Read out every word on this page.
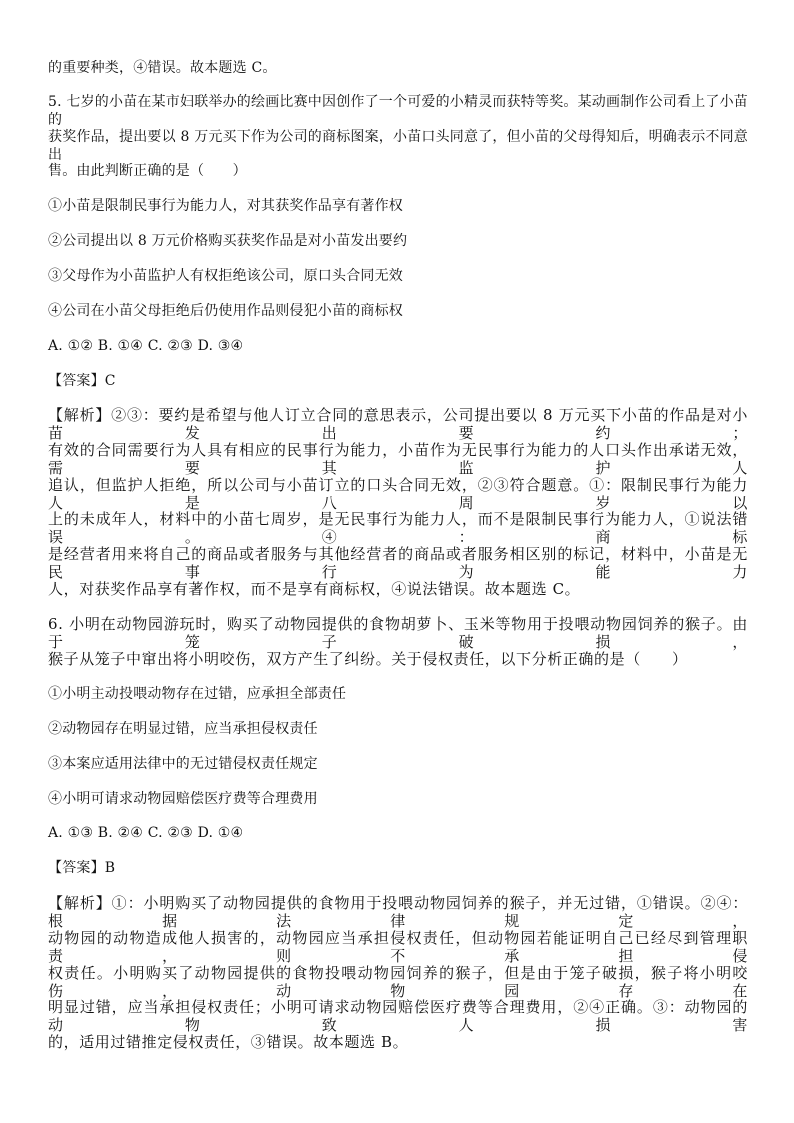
的重要种类，④错误。故本题选 C。
5. 七岁的小苗在某市妇联举办的绘画比赛中因创作了一个可爱的小精灵而获特等奖。某动画制作公司看上了小苗的
获奖作品，提出要以 8 万元买下作为公司的商标图案，小苗口头同意了，但小苗的父母得知后，明确表示不同意出
售。由此判断正确的是（　　）
①小苗是限制民事行为能力人，对其获奖作品享有著作权
②公司提出以 8 万元价格购买获奖作品是对小苗发出要约
③父母作为小苗监护人有权拒绝该公司，原口头合同无效
④公司在小苗父母拒绝后仍使用作品则侵犯小苗的商标权
A. ①② B. ①④ C. ②③ D. ③④
【答案】C
【解析】②③：要约是希望与他人订立合同的意思表示，公司提出要以 8 万元买下小苗的作品是对小苗发出要约；
有效的合同需要行为人具有相应的民事行为能力，小苗作为无民事行为能力的人口头作出承诺无效，需要其监护人
追认，但监护人拒绝，所以公司与小苗订立的口头合同无效，②③符合题意。①：限制民事行为能力人是八周岁以
上的未成年人，材料中的小苗七周岁，是无民事行为能力人，而不是限制民事行为能力人，①说法错误。④：商标
是经营者用来将自己的商品或者服务与其他经营者的商品或者服务相区别的标记，材料中，小苗是无民事行为能力
人，对获奖作品享有著作权，而不是享有商标权，④说法错误。故本题选 C。
6. 小明在动物园游玩时，购买了动物园提供的食物胡萝卜、玉米等物用于投喂动物园饲养的猴子。由于笼子破损，
猴子从笼子中窜出将小明咬伤，双方产生了纠纷。关于侵权责任，以下分析正确的是（　　）
①小明主动投喂动物存在过错，应承担全部责任
②动物园存在明显过错，应当承担侵权责任
③本案应适用法律中的无过错侵权责任规定
④小明可请求动物园赔偿医疗费等合理费用
A. ①③ B. ②④ C. ②③ D. ①④
【答案】B
【解析】①：小明购买了动物园提供的食物用于投喂动物园饲养的猴子，并无过错，①错误。②④：根据法律规定，
动物园的动物造成他人损害的，动物园应当承担侵权责任，但动物园若能证明自己已经尽到管理职责，则不承担侵
权责任。小明购买了动物园提供的食物投喂动物园饲养的猴子，但是由于笼子破损，猴子将小明咬伤，动物园存在
明显过错，应当承担侵权责任；小明可请求动物园赔偿医疗费等合理费用，②④正确。③：动物园的动物致人损害
的，适用过错推定侵权责任，③错误。故本题选 B。
